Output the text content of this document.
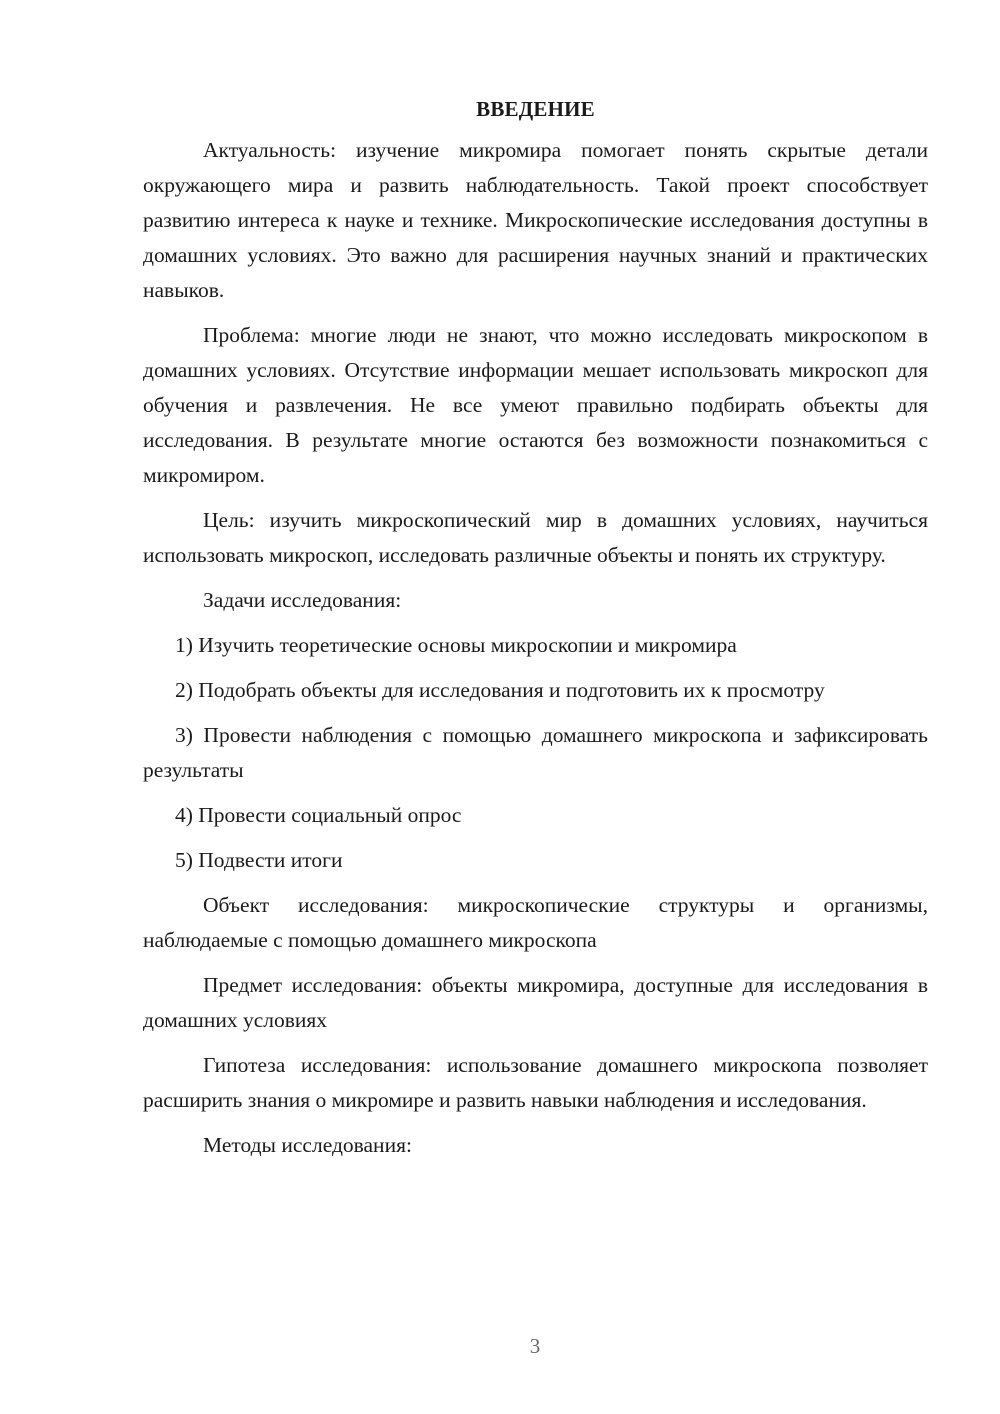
ВВЕДЕНИЕ

Актуальность: изучение микромира помогает понять скрытые детали окружающего мира и развить наблюдательность. Такой проект способствует развитию интереса к науке и технике. Микроскопические исследования доступны в домашних условиях. Это важно для расширения научных знаний и практических навыков.

Проблема: многие люди не знают, что можно исследовать микроскопом в домашних условиях. Отсутствие информации мешает использовать микроскоп для обучения и развлечения. Не все умеют правильно подбирать объекты для исследования. В результате многие остаются без возможности познакомиться с микромиром.

Цель: изучить микроскопический мир в домашних условиях, научиться использовать микроскоп, исследовать различные объекты и понять их структуру.

Задачи исследования:

1) Изучить теоретические основы микроскопии и микромира

2) Подобрать объекты для исследования и подготовить их к просмотру

3) Провести наблюдения с помощью домашнего микроскопа и зафиксировать результаты

4) Провести социальный опрос

5) Подвести итоги

Объект исследования: микроскопические структуры и организмы, наблюдаемые с помощью домашнего микроскопа

Предмет исследования: объекты микромира, доступные для исследования в домашних условиях

Гипотеза исследования: использование домашнего микроскопа позволяет расширить знания о микромире и развить навыки наблюдения и исследования.

Методы исследования:

3
